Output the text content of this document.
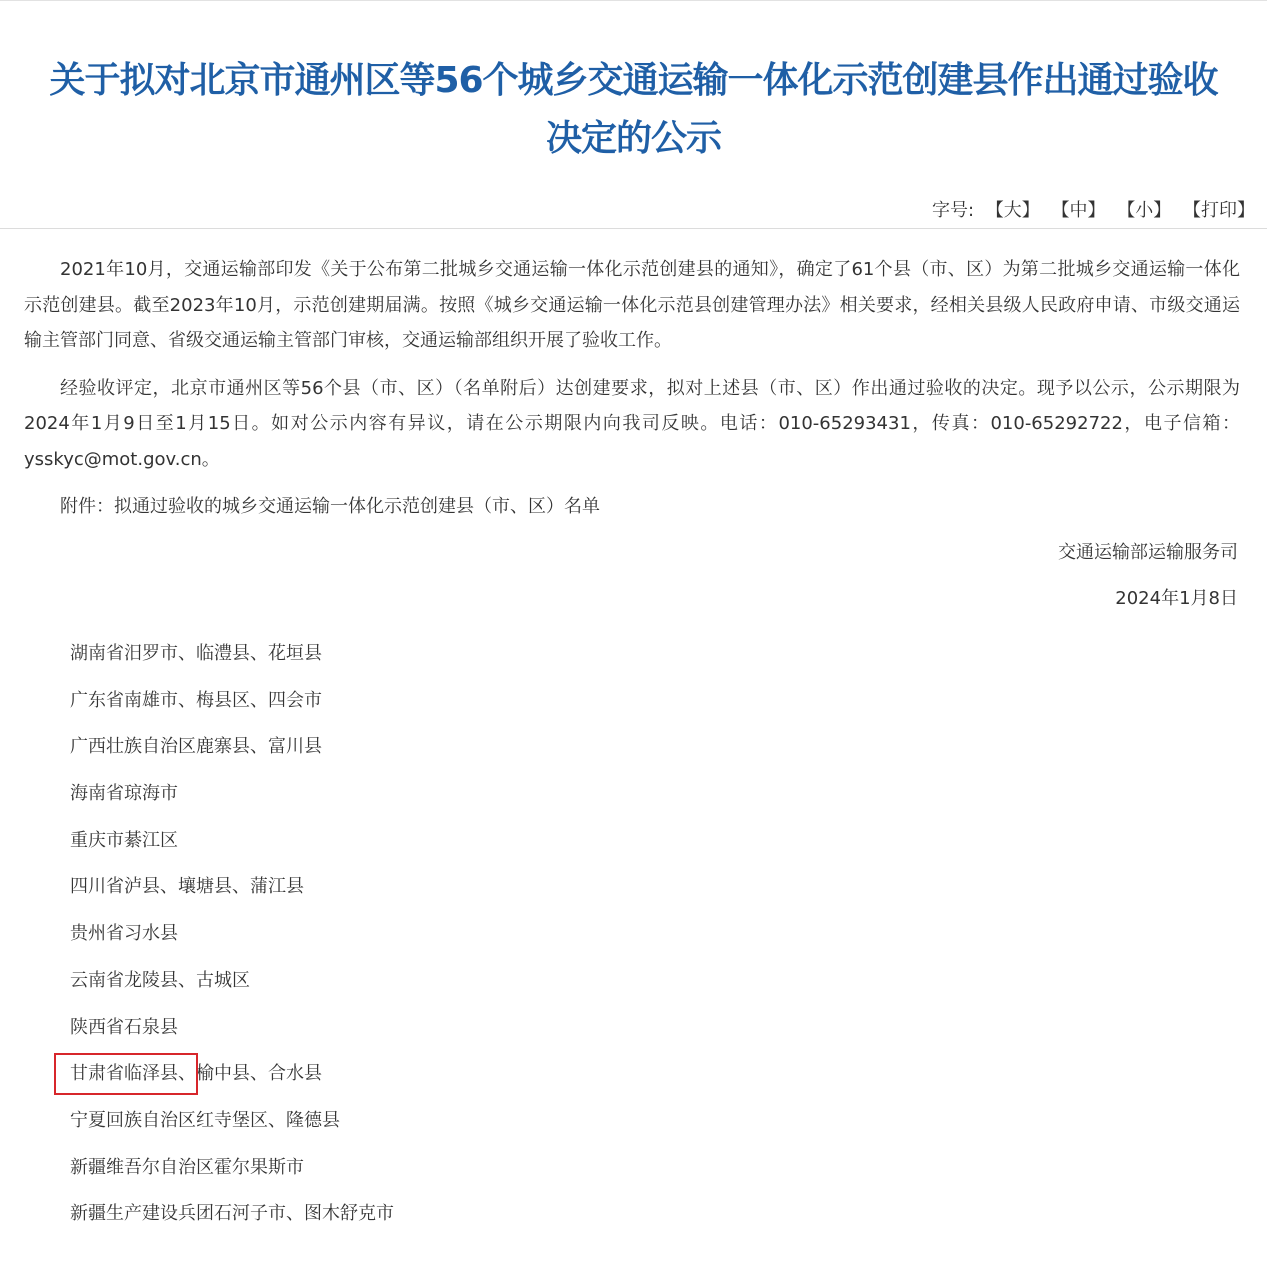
关于拟对北京市通州区等56个城乡交通运输一体化示范创建县作出通过验收
决定的公示
字号: 【大】 【中】 【小】 【打印】

2021年10月，交通运输部印发《关于公布第二批城乡交通运输一体化示范创建县的通知》，确定了61个县（市、区）为第二批城乡交通运输一体化示范创建县。截至2023年10月，示范创建期届满。按照《城乡交通运输一体化示范县创建管理办法》相关要求，经相关县级人民政府申请、市级交通运输主管部门同意、省级交通运输主管部门审核，交通运输部组织开展了验收工作。

经验收评定，北京市通州区等56个县（市、区）（名单附后）达创建要求，拟对上述县（市、区）作出通过验收的决定。现予以公示，公示期限为2024年1月9日至1月15日。如对公示内容有异议，请在公示期限内向我司反映。电话：010-65293431，传真：010-65292722，电子信箱：ysskyc@mot.gov.cn。

附件：拟通过验收的城乡交通运输一体化示范创建县（市、区）名单

交通运输部运输服务司
2024年1月8日
湖南省汨罗市、临澧县、花垣县
广东省南雄市、梅县区、四会市
广西壮族自治区鹿寨县、富川县
海南省琼海市
重庆市綦江区
四川省泸县、壤塘县、蒲江县
贵州省习水县
云南省龙陵县、古城区
陕西省石泉县
甘肃省临泽县、榆中县、合水县
宁夏回族自治区红寺堡区、隆德县
新疆维吾尔自治区霍尔果斯市
新疆生产建设兵团石河子市、图木舒克市
